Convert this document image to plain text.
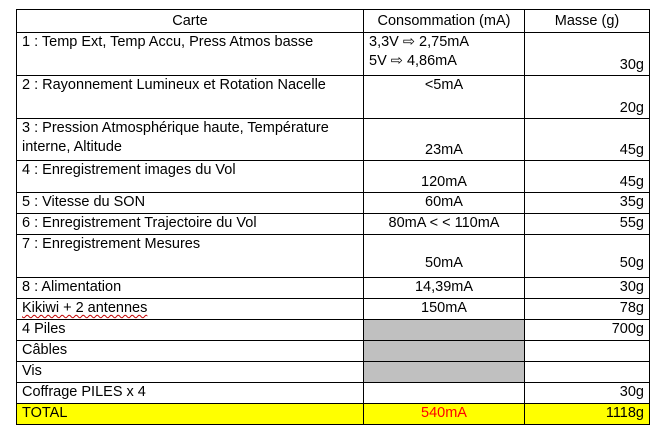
Carte	Consommation (mA)	Masse (g)
1 : Temp Ext, Temp Accu, Press Atmos basse	3,3V ⇨ 2,75mA
5V ⇨ 4,86mA	30g
2 : Rayonnement Lumineux et Rotation Nacelle	<5mA	20g
3 : Pression Atmosphérique haute, Température interne, Altitude	23mA	45g
4 : Enregistrement images du Vol	120mA	45g
5 : Vitesse du SON	60mA	35g
6 : Enregistrement Trajectoire du Vol	80mA < < 110mA	55g
7 : Enregistrement Mesures	50mA	50g
8 : Alimentation	14,39mA	30g
Kikiwi + 2 antennes	150mA	78g
4 Piles		700g
Câbles		
Vis		
Coffrage PILES x 4		30g
TOTAL	540mA	1118g
